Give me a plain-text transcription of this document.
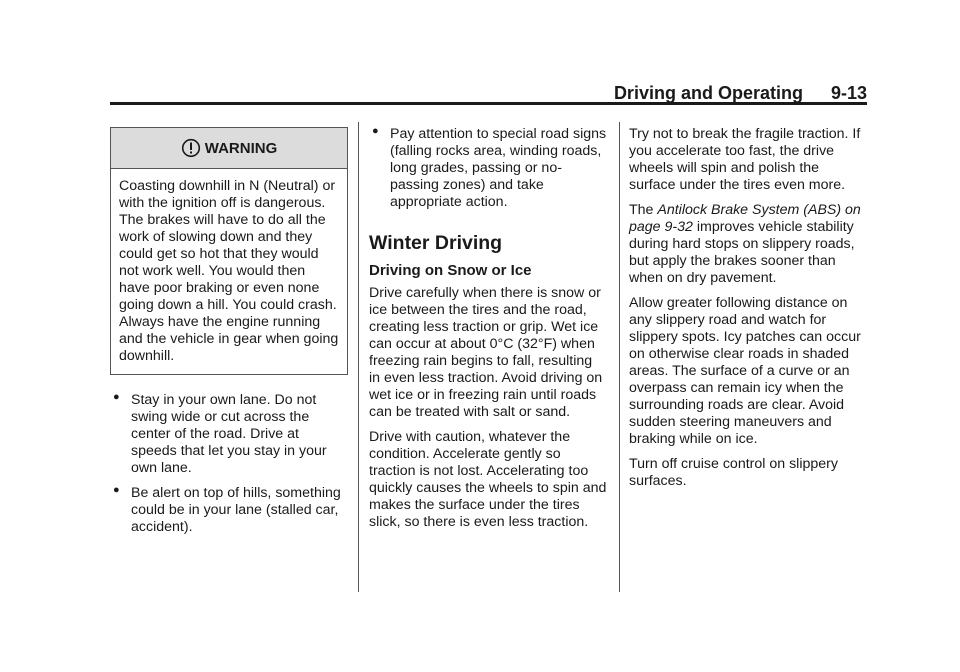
Driving and Operating 9-13
WARNING
Coasting downhill in N (Neutral) or with the ignition off is dangerous. The brakes will have to do all the work of slowing down and they could get so hot that they would not work well. You would then have poor braking or even none going down a hill. You could crash. Always have the engine running and the vehicle in gear when going downhill.
● Stay in your own lane. Do not swing wide or cut across the center of the road. Drive at speeds that let you stay in your own lane.
● Be alert on top of hills, something could be in your lane (stalled car, accident).
● Pay attention to special road signs (falling rocks area, winding roads, long grades, passing or no-passing zones) and take appropriate action.
Winter Driving
Driving on Snow or Ice

Drive carefully when there is snow or ice between the tires and the road, creating less traction or grip. Wet ice can occur at about 0°C (32°F) when freezing rain begins to fall, resulting in even less traction. Avoid driving on wet ice or in freezing rain until roads can be treated with salt or sand.

Drive with caution, whatever the condition. Accelerate gently so traction is not lost. Accelerating too quickly causes the wheels to spin and makes the surface under the tires slick, so there is even less traction.

Try not to break the fragile traction. If you accelerate too fast, the drive wheels will spin and polish the surface under the tires even more.

The Antilock Brake System (ABS) on page 9-32 improves vehicle stability during hard stops on slippery roads, but apply the brakes sooner than when on dry pavement.

Allow greater following distance on any slippery road and watch for slippery spots. Icy patches can occur on otherwise clear roads in shaded areas. The surface of a curve or an overpass can remain icy when the surrounding roads are clear. Avoid sudden steering maneuvers and braking while on ice.

Turn off cruise control on slippery surfaces.
